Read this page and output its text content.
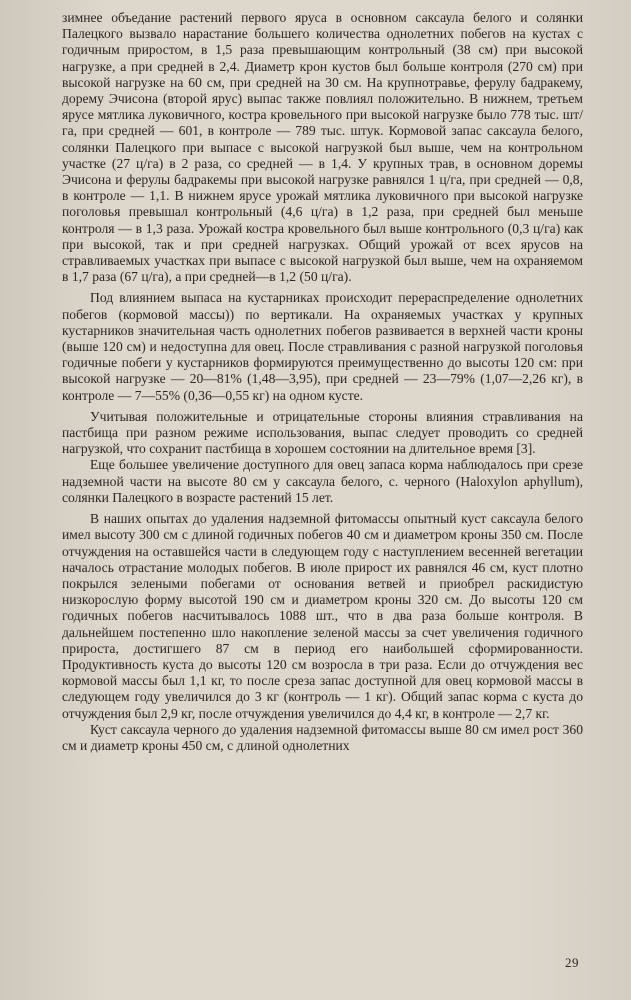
зимнее объедание растений первого яруса в основном саксаула белого и солянки Палецкого вызвало нарастание большего количества однолетних побегов на кустах с годичным приростом, в 1,5 раза превышающим контрольный (38 см) при высокой нагрузке, а при средней в 2,4. Диаметр крон кустов был больше контроля (270 см) при высокой нагрузке на 60 см, при средней на 30 см. На крупнотравье, ферулу бадракему, дорему Эчисона (второй ярус) выпас также повлиял положительно. В нижнем, третьем ярусе мятлика луковичного, костра кровельного при высокой нагрузке было 778 тыс. шт/га, при средней — 601, в контроле — 789 тыс. штук. Кормовой запас саксаула белого, солянки Палецкого при выпасе с высокой нагрузкой был выше, чем на контрольном участке (27 ц/га) в 2 раза, со средней — в 1,4. У крупных трав, в основном доремы Эчисона и ферулы бадракемы при высокой нагрузке равнялся 1 ц/га, при средней — 0,8, в контроле — 1,1. В нижнем ярусе урожай мятлика луковичного при высокой нагрузке поголовья превышал контрольный (4,6 ц/га) в 1,2 раза, при средней был меньше контроля — в 1,3 раза. Урожай костра кровельного был выше контрольного (0,3 ц/га) как при высокой, так и при средней нагрузках. Общий урожай от всех ярусов на стравливаемых участках при выпасе с высокой нагрузкой был выше, чем на охраняемом в 1,7 раза (67 ц/га), а при средней—в 1,2 (50 ц/га).

Под влиянием выпаса на кустарниках происходит перераспределение однолетних побегов (кормовой массы)) по вертикали. На охраняемых участках у крупных кустарников значительная часть однолетних побегов развивается в верхней части кроны (выше 120 см) и недоступна для овец. После стравливания с разной нагрузкой поголовья годичные побеги у кустарников формируются преимущественно до высоты 120 см: при высокой нагрузке — 20—81% (1,48—3,95), при средней — 23—79% (1,07—2,26 кг), в контроле — 7—55% (0,36—0,55 кг) на одном кусте.

Учитывая положительные и отрицательные стороны влияния стравливания на пастбища при разном режиме использования, выпас следует проводить со средней нагрузкой, что сохранит пастбища в хорошем состоянии на длительное время [3].

Еще большее увеличение доступного для овец запаса корма наблюдалось при срезе надземной части на высоте 80 см у саксаула белого, с. черного (Haloxylon aphyllum), солянки Палецкого в возрасте растений 15 лет.

В наших опытах до удаления надземной фитомассы опытный куст саксаула белого имел высоту 300 см с длиной годичных побегов 40 см и диаметром кроны 350 см. После отчуждения на оставшейся части в следующем году с наступлением весенней вегетации началось отрастание молодых побегов. В июле прирост их равнялся 46 см, куст плотно покрылся зелеными побегами от основания ветвей и приобрел раскидистую низкорослую форму высотой 190 см и диаметром кроны 320 см. До высоты 120 см годичных побегов насчитывалось 1088 шт., что в два раза больше контроля. В дальнейшем постепенно шло накопление зеленой массы за счет увеличения годичного прироста, достигшего 87 см в период его наибольшей сформированности. Продуктивность куста до высоты 120 см возросла в три раза. Если до отчуждения вес кормовой массы был 1,1 кг, то после среза запас доступной для овец кормовой массы в следующем году увеличился до 3 кг (контроль — 1 кг). Общий запас корма с куста до отчуждения был 2,9 кг, после отчуждения увеличился до 4,4 кг, в контроле — 2,7 кг.

Куст саксаула черного до удаления надземной фитомассы выше 80 см имел рост 360 см и диаметр кроны 450 см, с длиной однолетних

29
